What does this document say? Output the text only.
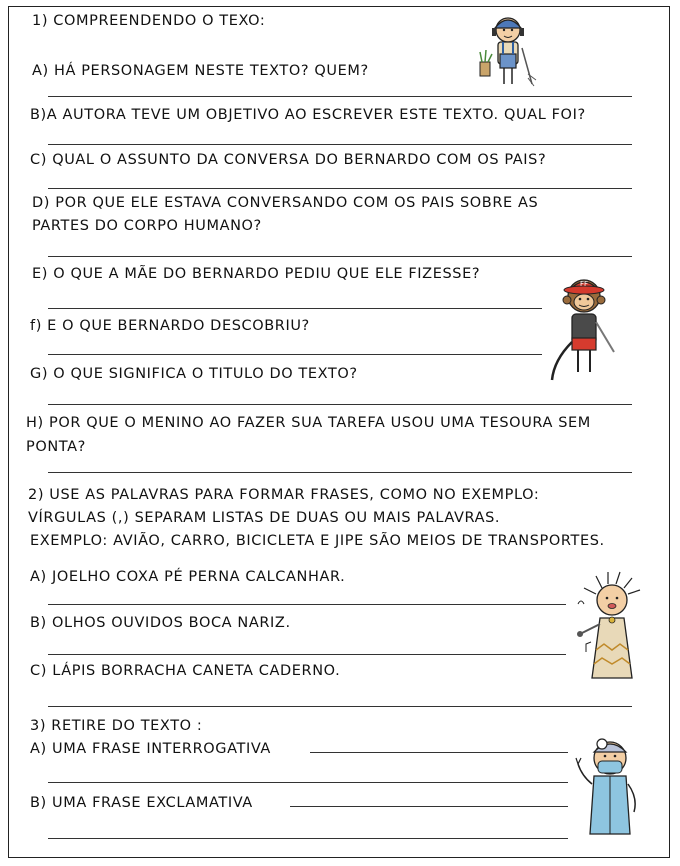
1) COMPREENDENDO O TEXO:
A) HÁ PERSONAGEM NESTE TEXTO? QUEM?
B)A AUTORA TEVE UM OBJETIVO AO ESCREVER ESTE TEXTO. QUAL FOI?
C) QUAL O ASSUNTO DA CONVERSA DO BERNARDO COM OS PAIS?
D) POR QUE ELE ESTAVA CONVERSANDO COM OS PAIS SOBRE AS
PARTES DO CORPO HUMANO?
E) O QUE A MÃE DO BERNARDO PEDIU QUE ELE FIZESSE?
f) E O QUE BERNARDO DESCOBRIU?
G) O QUE SIGNIFICA O TITULO DO TEXTO?
H) POR QUE O MENINO AO FAZER SUA TAREFA USOU UMA TESOURA SEM
PONTA?
2) USE AS PALAVRAS PARA FORMAR FRASES, COMO NO EXEMPLO:
VÍRGULAS (,) SEPARAM LISTAS DE DUAS OU MAIS PALAVRAS.
EXEMPLO: AVIÃO, CARRO, BICICLETA E JIPE SÃO MEIOS DE TRANSPORTES.
A) JOELHO COXA PÉ PERNA CALCANHAR.
B) OLHOS OUVIDOS BOCA NARIZ.
C) LÁPIS BORRACHA CANETA CADERNO.
3) RETIRE DO TEXTO :
A) UMA FRASE INTERROGATIVA
B) UMA FRASE EXCLAMATIVA
FF
